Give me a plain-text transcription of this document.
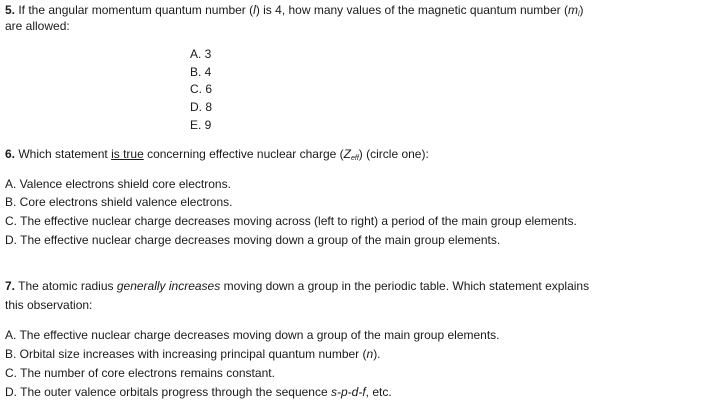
5. If the angular momentum quantum number (l) is 4, how many values of the magnetic quantum number $(m_l)$
are allowed:
A. 3
B. 4
C. 6
D. 8
E. 9
6. Which statement is true concerning effective nuclear charge $(Z_{eff})$ (circle one):
A. Valence electrons shield core electrons.
B. Core electrons shield valence electrons.
C. The effective nuclear charge decreases moving across (left to right) a period of the main group elements.
D. The effective nuclear charge decreases moving down a group of the main group elements.
7. The atomic radius generally increases moving down a group in the periodic table. Which statement explains
this observation:
A. The effective nuclear charge decreases moving down a group of the main group elements.
B. Orbital size increases with increasing principal quantum number (n).
C. The number of core electrons remains constant.
D. The outer valence orbitals progress through the sequence s-p-d-f, etc.
